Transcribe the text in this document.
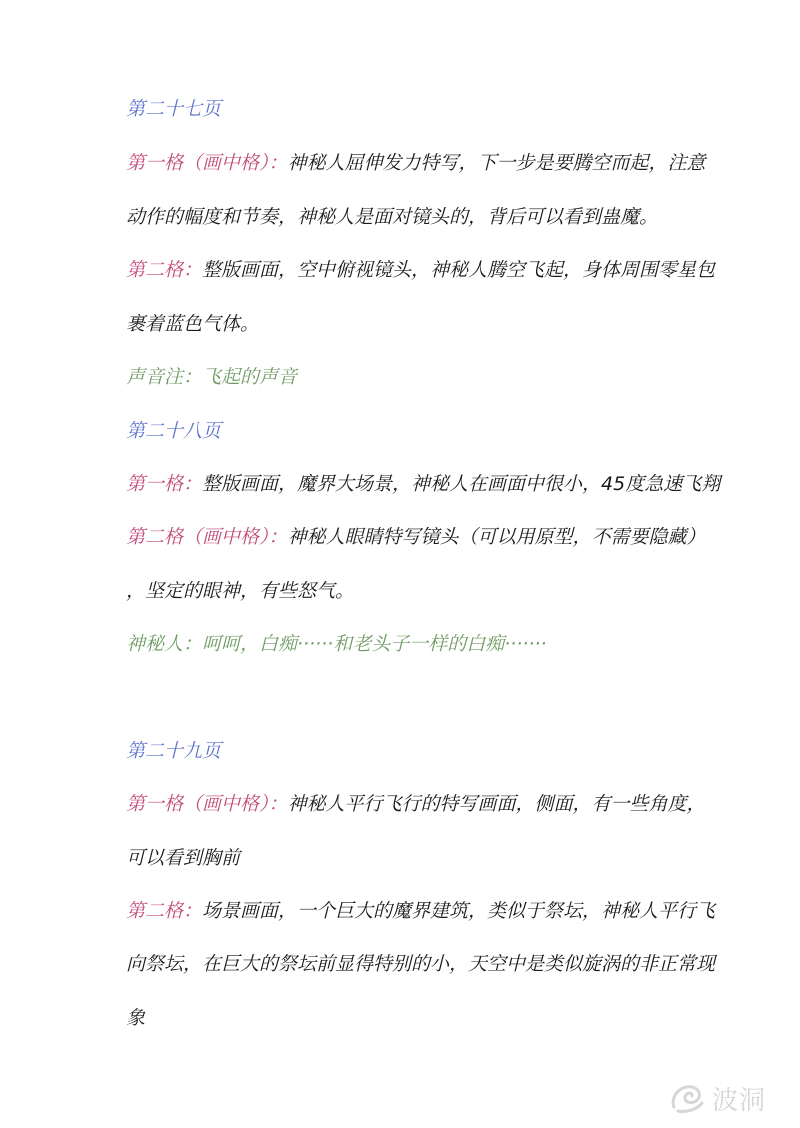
第二十七页
第一格（画中格）：神秘人屈伸发力特写，下一步是要腾空而起，注意
动作的幅度和节奏，神秘人是面对镜头的，背后可以看到蛊魔。
第二格：整版画面，空中俯视镜头，神秘人腾空飞起，身体周围零星包
裹着蓝色气体。
声音注：飞起的声音
第二十八页
第一格：整版画面，魔界大场景，神秘人在画面中很小，45度急速飞翔
第二格（画中格）：神秘人眼睛特写镜头（可以用原型，不需要隐藏）
，坚定的眼神，有些怒气。
神秘人：呵呵，白痴······和老头子一样的白痴·······
第二十九页
第一格（画中格）：神秘人平行飞行的特写画面，侧面，有一些角度，
可以看到胸前
第二格：场景画面，一个巨大的魔界建筑，类似于祭坛，神秘人平行飞
向祭坛，在巨大的祭坛前显得特别的小，天空中是类似旋涡的非正常现
象
波洞
